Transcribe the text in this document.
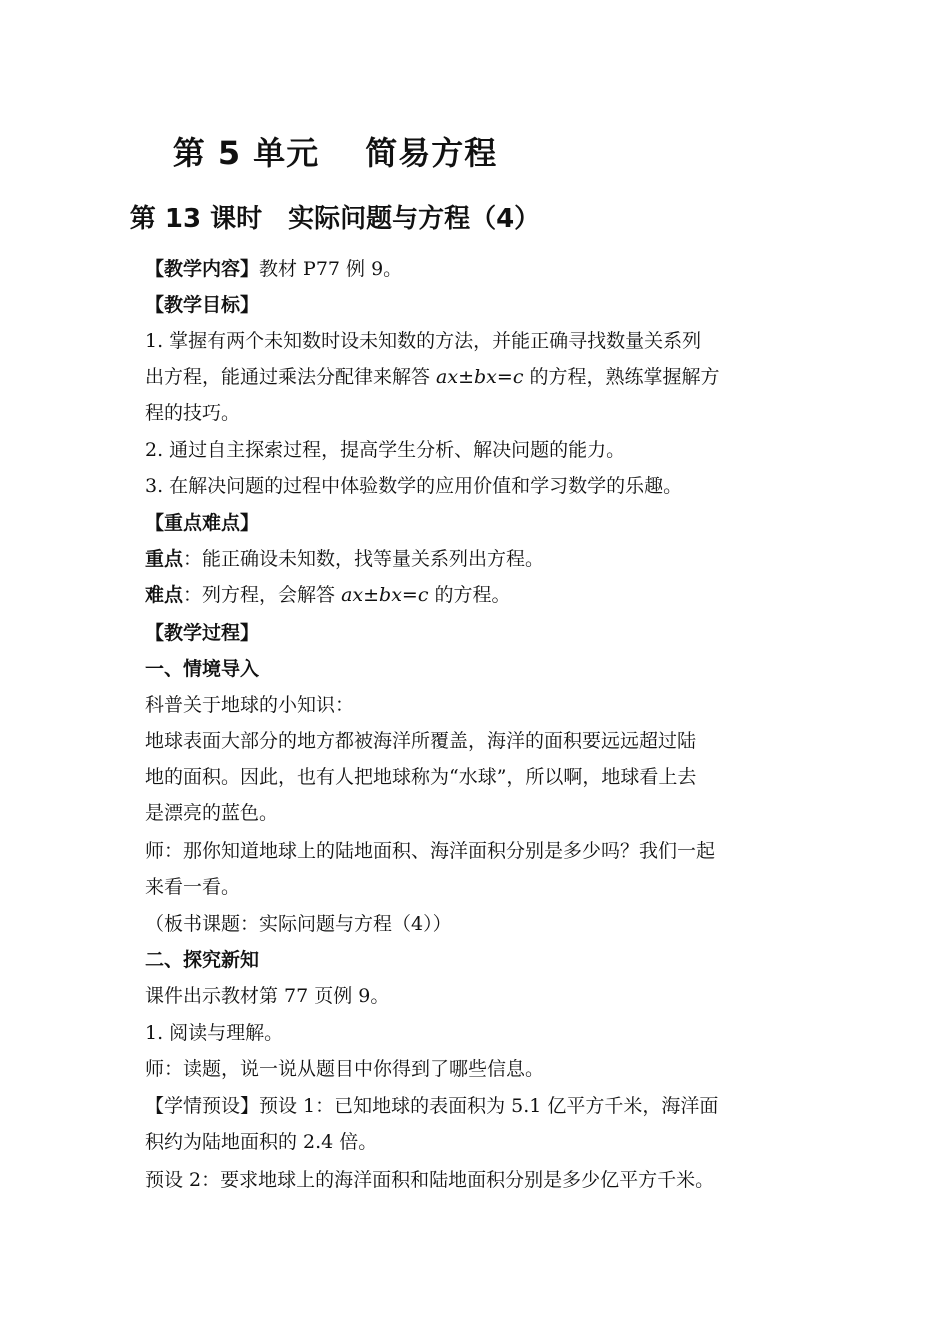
第 5 单元 简易方程
第 13 课时 实际问题与方程（4）
【教学内容】教材 P77 例 9。
【教学目标】
1. 掌握有两个未知数时设未知数的方法，并能正确寻找数量关系列
出方程，能通过乘法分配律来解答 ax±bx=c 的方程，熟练掌握解方
程的技巧。
2. 通过自主探索过程，提高学生分析、解决问题的能力。
3. 在解决问题的过程中体验数学的应用价值和学习数学的乐趣。
【重点难点】
重点：能正确设未知数，找等量关系列出方程。
难点：列方程，会解答 ax±bx=c 的方程。
【教学过程】
一、情境导入
科普关于地球的小知识：
地球表面大部分的地方都被海洋所覆盖，海洋的面积要远远超过陆
地的面积。因此，也有人把地球称为“水球”，所以啊，地球看上去
是漂亮的蓝色。
师：那你知道地球上的陆地面积、海洋面积分别是多少吗？我们一起
来看一看。
（板书课题：实际问题与方程（4））
二、探究新知
课件出示教材第 77 页例 9。
1. 阅读与理解。
师：读题，说一说从题目中你得到了哪些信息。
【学情预设】预设 1：已知地球的表面积为 5.1 亿平方千米，海洋面
积约为陆地面积的 2.4 倍。
预设 2：要求地球上的海洋面积和陆地面积分别是多少亿平方千米。
